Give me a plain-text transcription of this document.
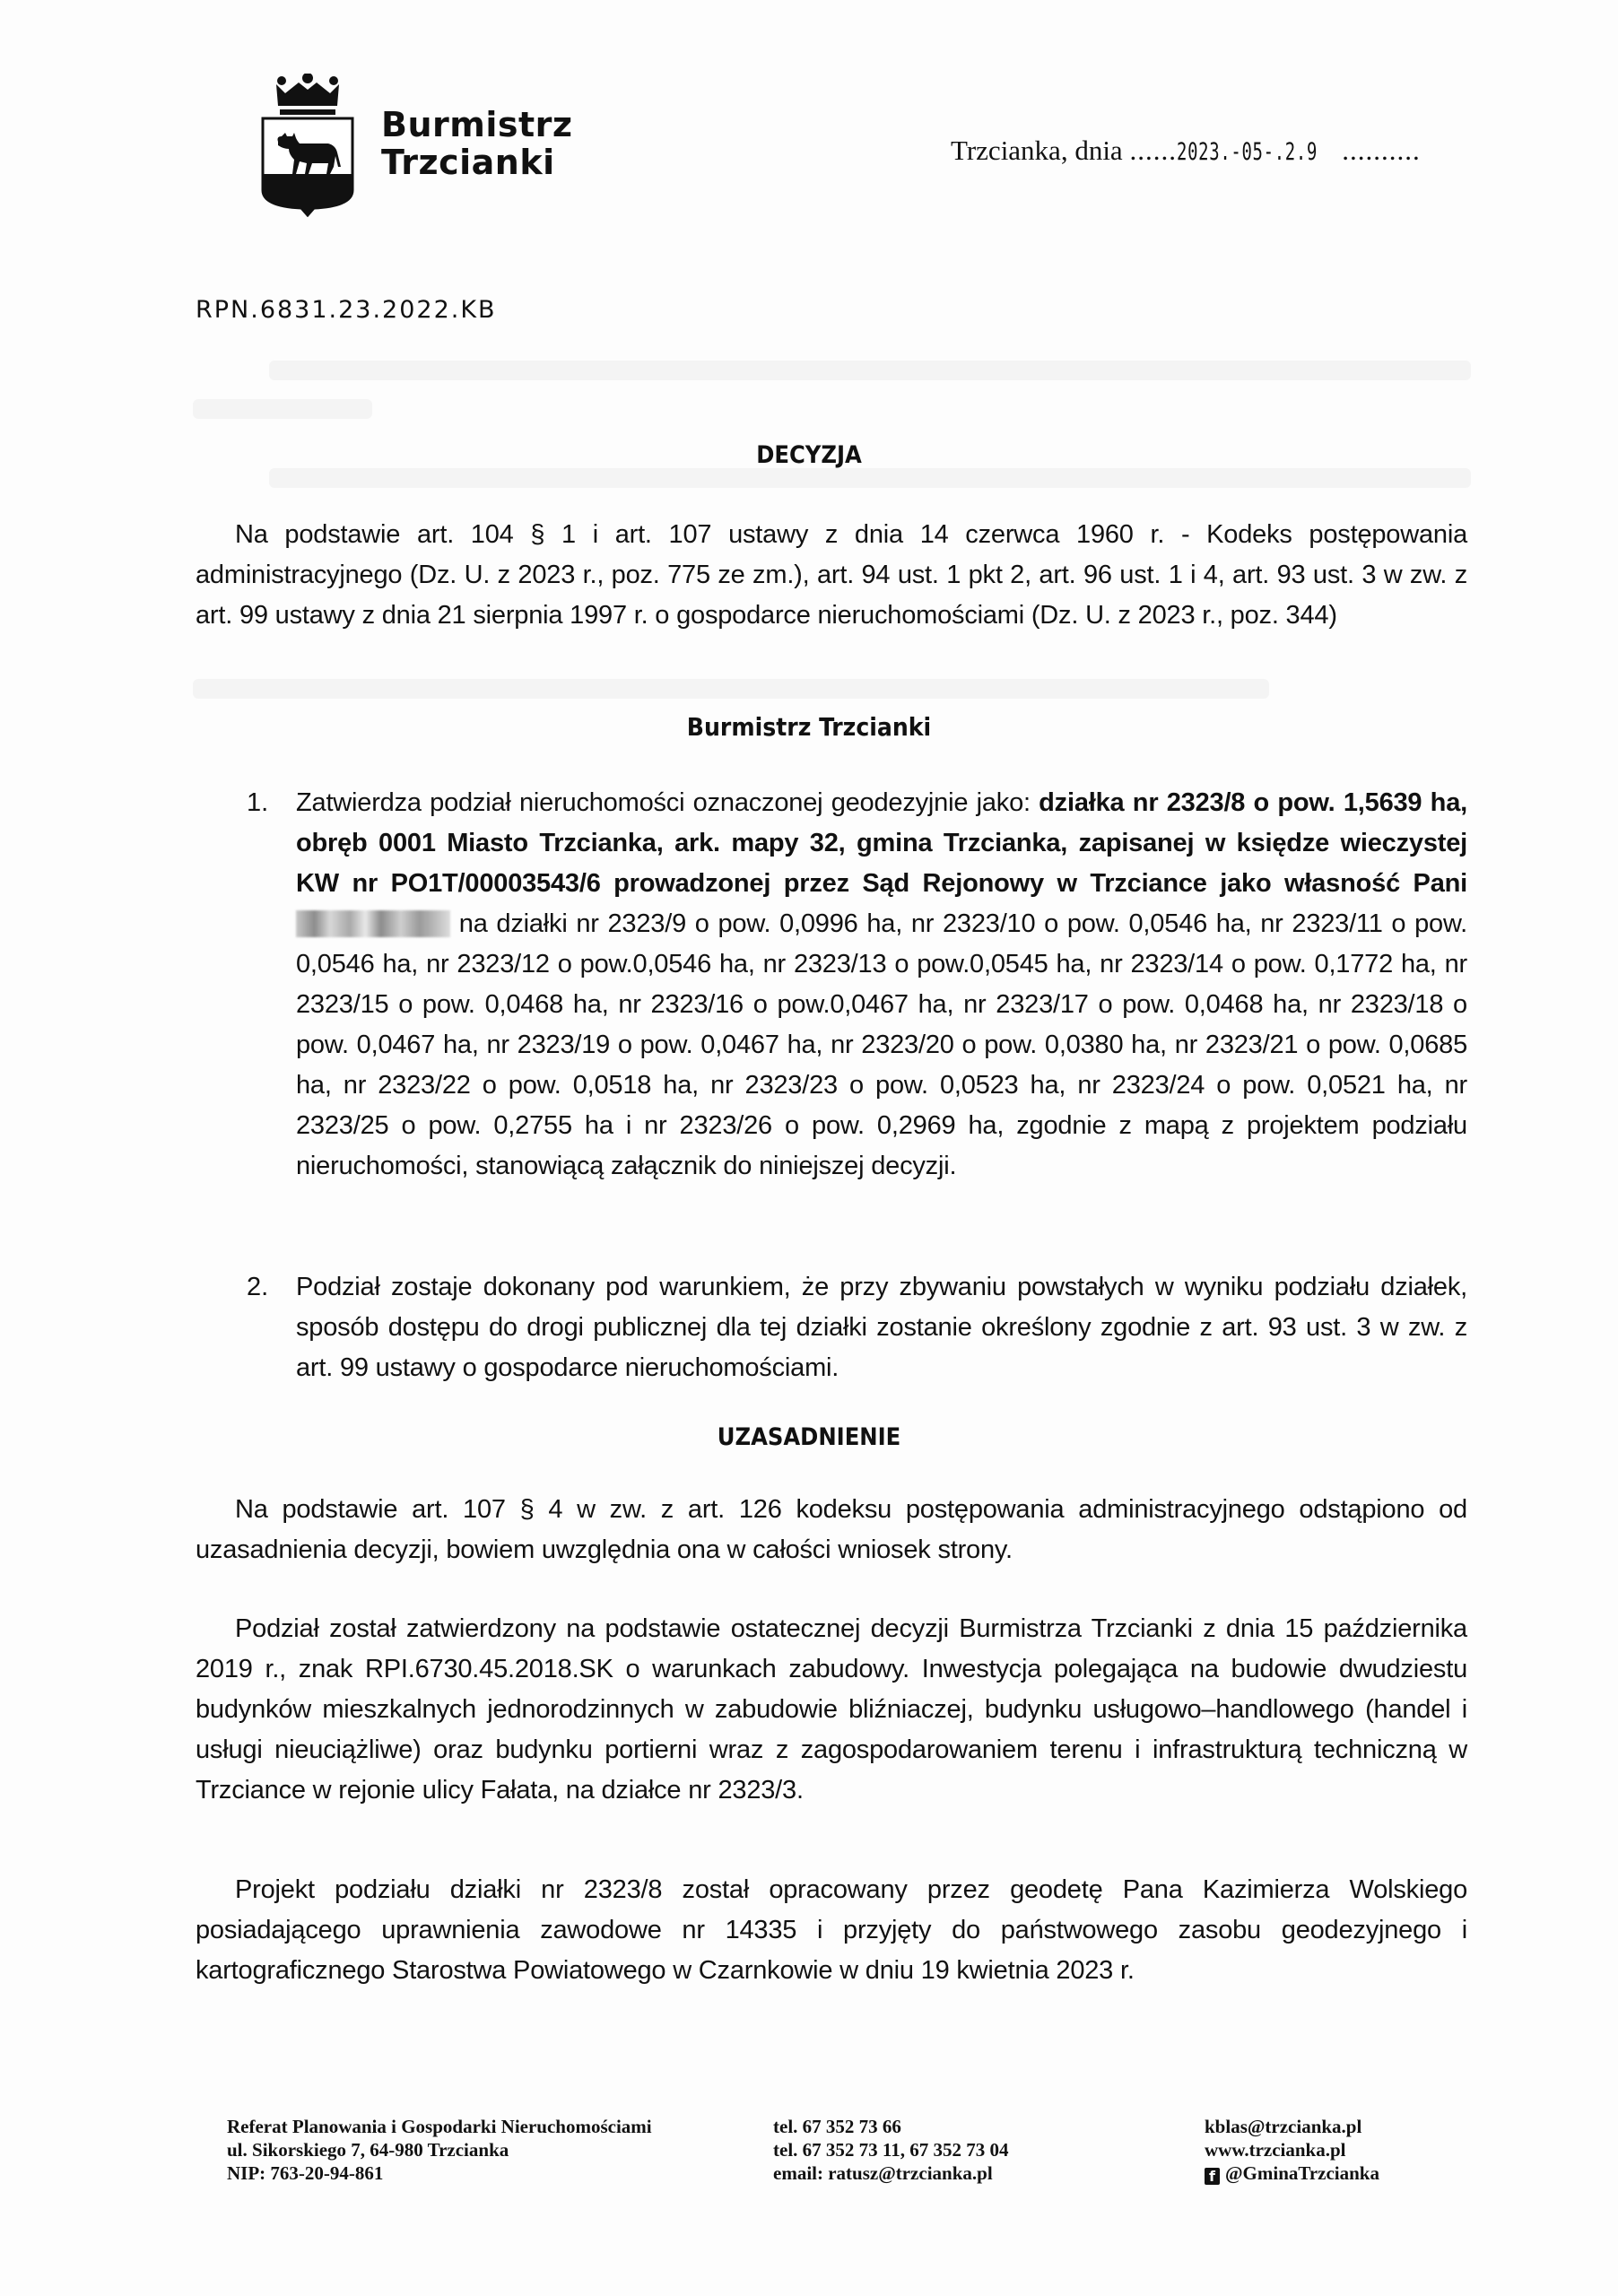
Burmistrz
Trzcianki	Trzcianka, dnia ......2023.-05-.2.9 ..........
RPN.6831.23.2022.KB
DECYZJA
Na podstawie art. 104 § 1 i art. 107 ustawy z dnia 14 czerwca 1960 r. - Kodeks postępowania administracyjnego (Dz. U. z 2023 r., poz. 775 ze zm.), art. 94 ust. 1 pkt 2, art. 96 ust. 1 i 4, art. 93 ust. 3 w zw. z art. 99 ustawy z dnia 21 sierpnia 1997 r. o gospodarce nieruchomościami (Dz. U. z 2023 r., poz. 344)
Burmistrz Trzcianki
1. Zatwierdza podział nieruchomości oznaczonej geodezyjnie jako: działka nr 2323/8 o pow. 1,5639 ha, obręb 0001 Miasto Trzcianka, ark. mapy 32, gmina Trzcianka, zapisanej w księdze wieczystej KW nr PO1T/00003543/6 prowadzonej przez Sąd Rejonowy w Trzciance jako własność Pani  na działki nr 2323/9 o pow. 0,0996 ha, nr 2323/10 o pow. 0,0546 ha, nr 2323/11 o pow. 0,0546 ha, nr 2323/12 o pow.0,0546 ha, nr 2323/13 o pow.0,0545 ha, nr 2323/14 o pow. 0,1772 ha, nr 2323/15 o pow. 0,0468 ha, nr 2323/16 o pow.0,0467 ha, nr 2323/17 o pow. 0,0468 ha, nr 2323/18 o pow. 0,0467 ha, nr 2323/19 o pow. 0,0467 ha, nr 2323/20 o pow. 0,0380 ha, nr 2323/21 o pow. 0,0685 ha, nr 2323/22 o pow. 0,0518 ha, nr 2323/23 o pow. 0,0523 ha, nr 2323/24 o pow. 0,0521 ha, nr 2323/25 o pow. 0,2755 ha i nr 2323/26 o pow. 0,2969 ha, zgodnie z mapą z projektem podziału nieruchomości, stanowiącą załącznik do niniejszej decyzji.
2. Podział zostaje dokonany pod warunkiem, że przy zbywaniu powstałych w wyniku podziału działek, sposób dostępu do drogi publicznej dla tej działki zostanie określony zgodnie z art. 93 ust. 3 w zw. z art. 99 ustawy o gospodarce nieruchomościami.
UZASADNIENIE
Na podstawie art. 107 § 4 w zw. z art. 126 kodeksu postępowania administracyjnego odstąpiono od uzasadnienia decyzji, bowiem uwzględnia ona w całości wniosek strony.
Podział został zatwierdzony na podstawie ostatecznej decyzji Burmistrza Trzcianki z dnia 15 października 2019 r., znak RPI.6730.45.2018.SK o warunkach zabudowy. Inwestycja polegająca na budowie dwudziestu budynków mieszkalnych jednorodzinnych w zabudowie bliźniaczej, budynku usługowo–handlowego (handel i usługi nieuciążliwe) oraz budynku portierni wraz z zagospodarowaniem terenu i infrastrukturą techniczną w Trzciance w rejonie ulicy Fałata, na działce nr 2323/3.
Projekt podziału działki nr 2323/8 został opracowany przez geodetę Pana Kazimierza Wolskiego posiadającego uprawnienia zawodowe nr 14335 i przyjęty do państwowego zasobu geodezyjnego i kartograficznego Starostwa Powiatowego w Czarnkowie w dniu 19 kwietnia 2023 r.
Referat Planowania i Gospodarki Nieruchomościami
ul. Sikorskiego 7, 64-980 Trzcianka
NIP: 763-20-94-861
tel. 67 352 73 66
tel. 67 352 73 11, 67 352 73 04
email: ratusz@trzcianka.pl
kblas@trzcianka.pl
www.trzcianka.pl
f @GminaTrzcianka
